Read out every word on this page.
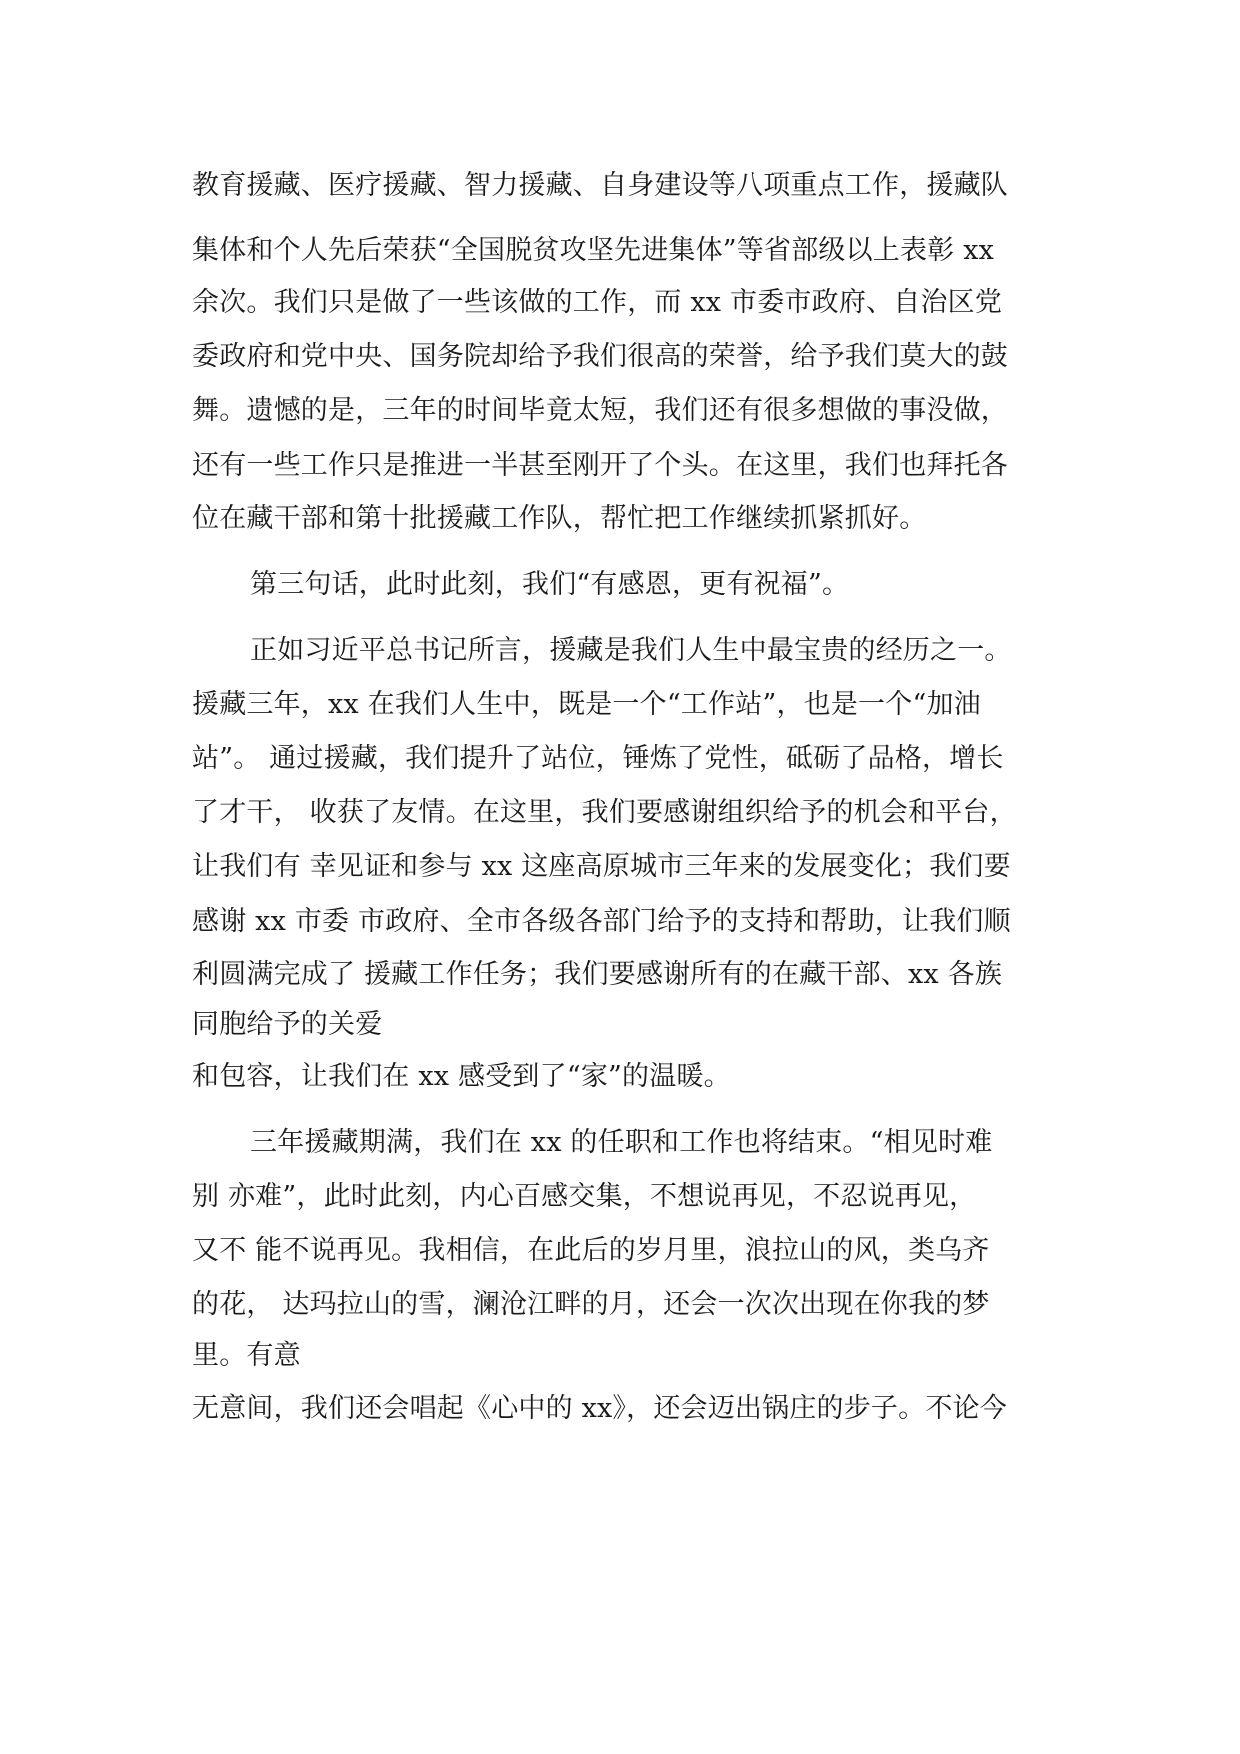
教育援藏、医疗援藏、智力援藏、自身建设等八项重点工作，援藏队
集体和个人先后荣获“全国脱贫攻坚先进集体”等省部级以上表彰 xx
余次。我们只是做了一些该做的工作，而 xx 市委市政府、自治区党
委政府和党中央、国务院却给予我们很高的荣誉，给予我们莫大的鼓
舞。遗憾的是，三年的时间毕竟太短，我们还有很多想做的事没做，
还有一些工作只是推进一半甚至刚开了个头。在这里，我们也拜托各
位在藏干部和第十批援藏工作队，帮忙把工作继续抓紧抓好。
第三句话，此时此刻，我们“有感恩，更有祝福”。
正如习近平总书记所言，援藏是我们人生中最宝贵的经历之一。
援藏三年，xx 在我们人生中，既是一个“工作站”，也是一个“加油
站”。 通过援藏，我们提升了站位，锤炼了党性，砥砺了品格，增长
了才干， 收获了友情。在这里，我们要感谢组织给予的机会和平台，
让我们有 幸见证和参与 xx 这座高原城市三年来的发展变化；我们要
感谢 xx 市委 市政府、全市各级各部门给予的支持和帮助，让我们顺
利圆满完成了 援藏工作任务；我们要感谢所有的在藏干部、xx 各族
同胞给予的关爱
和包容，让我们在 xx 感受到了“家”的温暖。
三年援藏期满，我们在 xx 的任职和工作也将结束。“相见时难
别 亦难”，此时此刻，内心百感交集，不想说再见，不忍说再见，
又不 能不说再见。我相信，在此后的岁月里，浪拉山的风，类乌齐
的花， 达玛拉山的雪，澜沧江畔的月，还会一次次出现在你我的梦
里。有意
无意间，我们还会唱起《心中的 xx》，还会迈出锅庄的步子。不论今
